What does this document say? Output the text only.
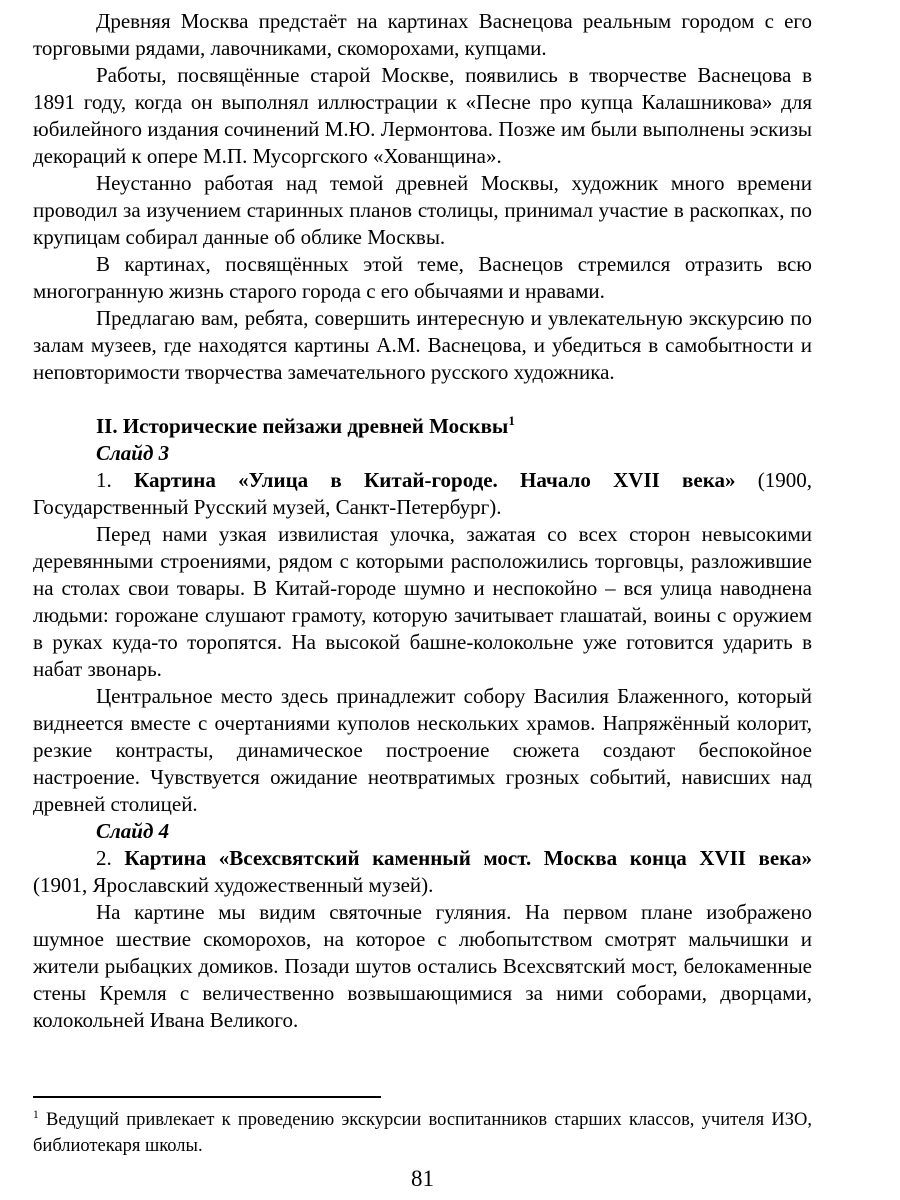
Древняя Москва предстаёт на картинах Васнецова реальным городом с его торговыми рядами, лавочниками, скоморохами, купцами.

Работы, посвящённые старой Москве, появились в творчестве Васнецова в 1891 году, когда он выполнял иллюстрации к «Песне про купца Калашникова» для юбилейного издания сочинений М.Ю. Лермонтова. Позже им были выполнены эскизы декораций к опере М.П. Мусоргского «Хованщина».

Неустанно работая над темой древней Москвы, художник много времени проводил за изучением старинных планов столицы, принимал участие в раскопках, по крупицам собирал данные об облике Москвы.

В картинах, посвящённых этой теме, Васнецов стремился отразить всю многогранную жизнь старого города с его обычаями и нравами.

Предлагаю вам, ребята, совершить интересную и увлекательную экскурсию по залам музеев, где находятся картины А.М. Васнецова, и убедиться в самобытности и неповторимости творчества замечательного русского художника.

II. Исторические пейзажи древней Москвы$^1$

Слайд 3

1. Картина «Улица в Китай-городе. Начало XVII века» (1900, Государственный Русский музей, Санкт-Петербург).

Перед нами узкая извилистая улочка, зажатая со всех сторон невысокими деревянными строениями, рядом с которыми расположились торговцы, разложившие на столах свои товары. В Китай-городе шумно и неспокойно – вся улица наводнена людьми: горожане слушают грамоту, которую зачитывает глашатай, воины с оружием в руках куда-то торопятся. На высокой башне-колокольне уже готовится ударить в набат звонарь.

Центральное место здесь принадлежит собору Василия Блаженного, который виднеется вместе с очертаниями куполов нескольких храмов. Напряжённый колорит, резкие контрасты, динамическое построение сюжета создают беспокойное настроение. Чувствуется ожидание неотвратимых грозных событий, нависших над древней столицей.

Слайд 4

2. Картина «Всехсвятский каменный мост. Москва конца XVII века» (1901, Ярославский художественный музей).

На картине мы видим святочные гуляния. На первом плане изображено шумное шествие скоморохов, на которое с любопытством смотрят мальчишки и жители рыбацких домиков. Позади шутов остались Всехсвятский мост, белокаменные стены Кремля с величественно возвышающимися за ними соборами, дворцами, колокольней Ивана Великого.

$^1$ Ведущий привлекает к проведению экскурсии воспитанников старших классов, учителя ИЗО, библиотекаря школы.

81
